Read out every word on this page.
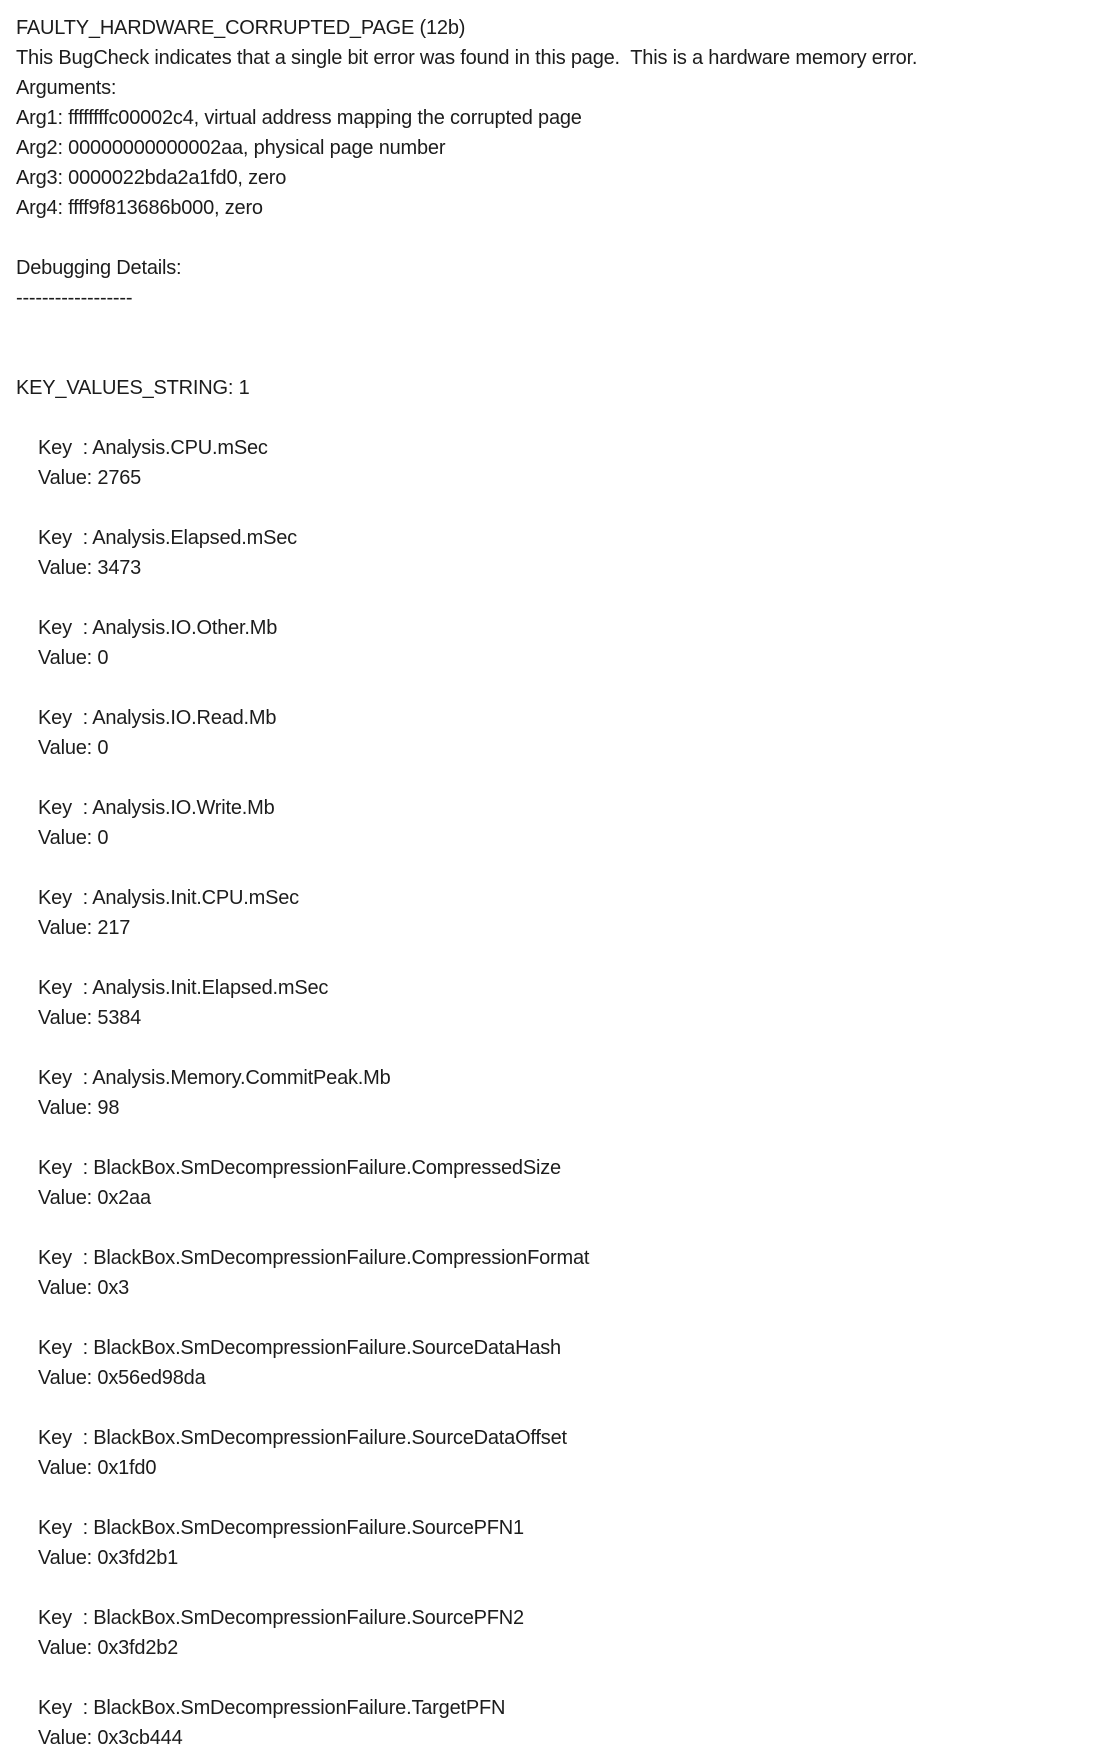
FAULTY_HARDWARE_CORRUPTED_PAGE (12b)
This BugCheck indicates that a single bit error was found in this page.  This is a hardware memory error.
Arguments:
Arg1: ffffffffc00002c4, virtual address mapping the corrupted page
Arg2: 00000000000002aa, physical page number
Arg3: 0000022bda2a1fd0, zero
Arg4: ffff9f813686b000, zero
Debugging Details:
------------------
KEY_VALUES_STRING: 1
Key  : Analysis.CPU.mSec
Value: 2765
Key  : Analysis.Elapsed.mSec
Value: 3473
Key  : Analysis.IO.Other.Mb
Value: 0
Key  : Analysis.IO.Read.Mb
Value: 0
Key  : Analysis.IO.Write.Mb
Value: 0
Key  : Analysis.Init.CPU.mSec
Value: 217
Key  : Analysis.Init.Elapsed.mSec
Value: 5384
Key  : Analysis.Memory.CommitPeak.Mb
Value: 98
Key  : BlackBox.SmDecompressionFailure.CompressedSize
Value: 0x2aa
Key  : BlackBox.SmDecompressionFailure.CompressionFormat
Value: 0x3
Key  : BlackBox.SmDecompressionFailure.SourceDataHash
Value: 0x56ed98da
Key  : BlackBox.SmDecompressionFailure.SourceDataOffset
Value: 0x1fd0
Key  : BlackBox.SmDecompressionFailure.SourcePFN1
Value: 0x3fd2b1
Key  : BlackBox.SmDecompressionFailure.SourcePFN2
Value: 0x3fd2b2
Key  : BlackBox.SmDecompressionFailure.TargetPFN
Value: 0x3cb444
